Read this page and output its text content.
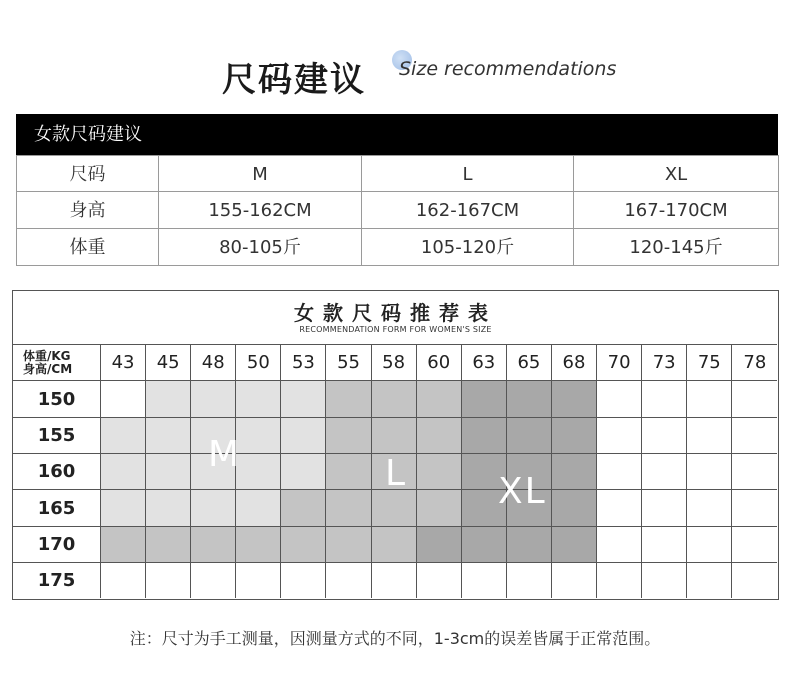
尺码建议 Size recommendations
女款尺码建议
尺码	M	L	XL
身高	155-162CM	162-167CM	167-170CM
体重	80-105斤	105-120斤	120-145斤
女款尺码推荐表
RECOMMENDATION FORM FOR WOMEN'S SIZE
体重/KG
身高/CM	43	45	48	50	53	55	58	60	63	65	68	70	73	75	78
150
155
160
165
170
175
M	L	XL
注：尺寸为手工测量，因测量方式的不同，1-3cm的误差皆属于正常范围。
